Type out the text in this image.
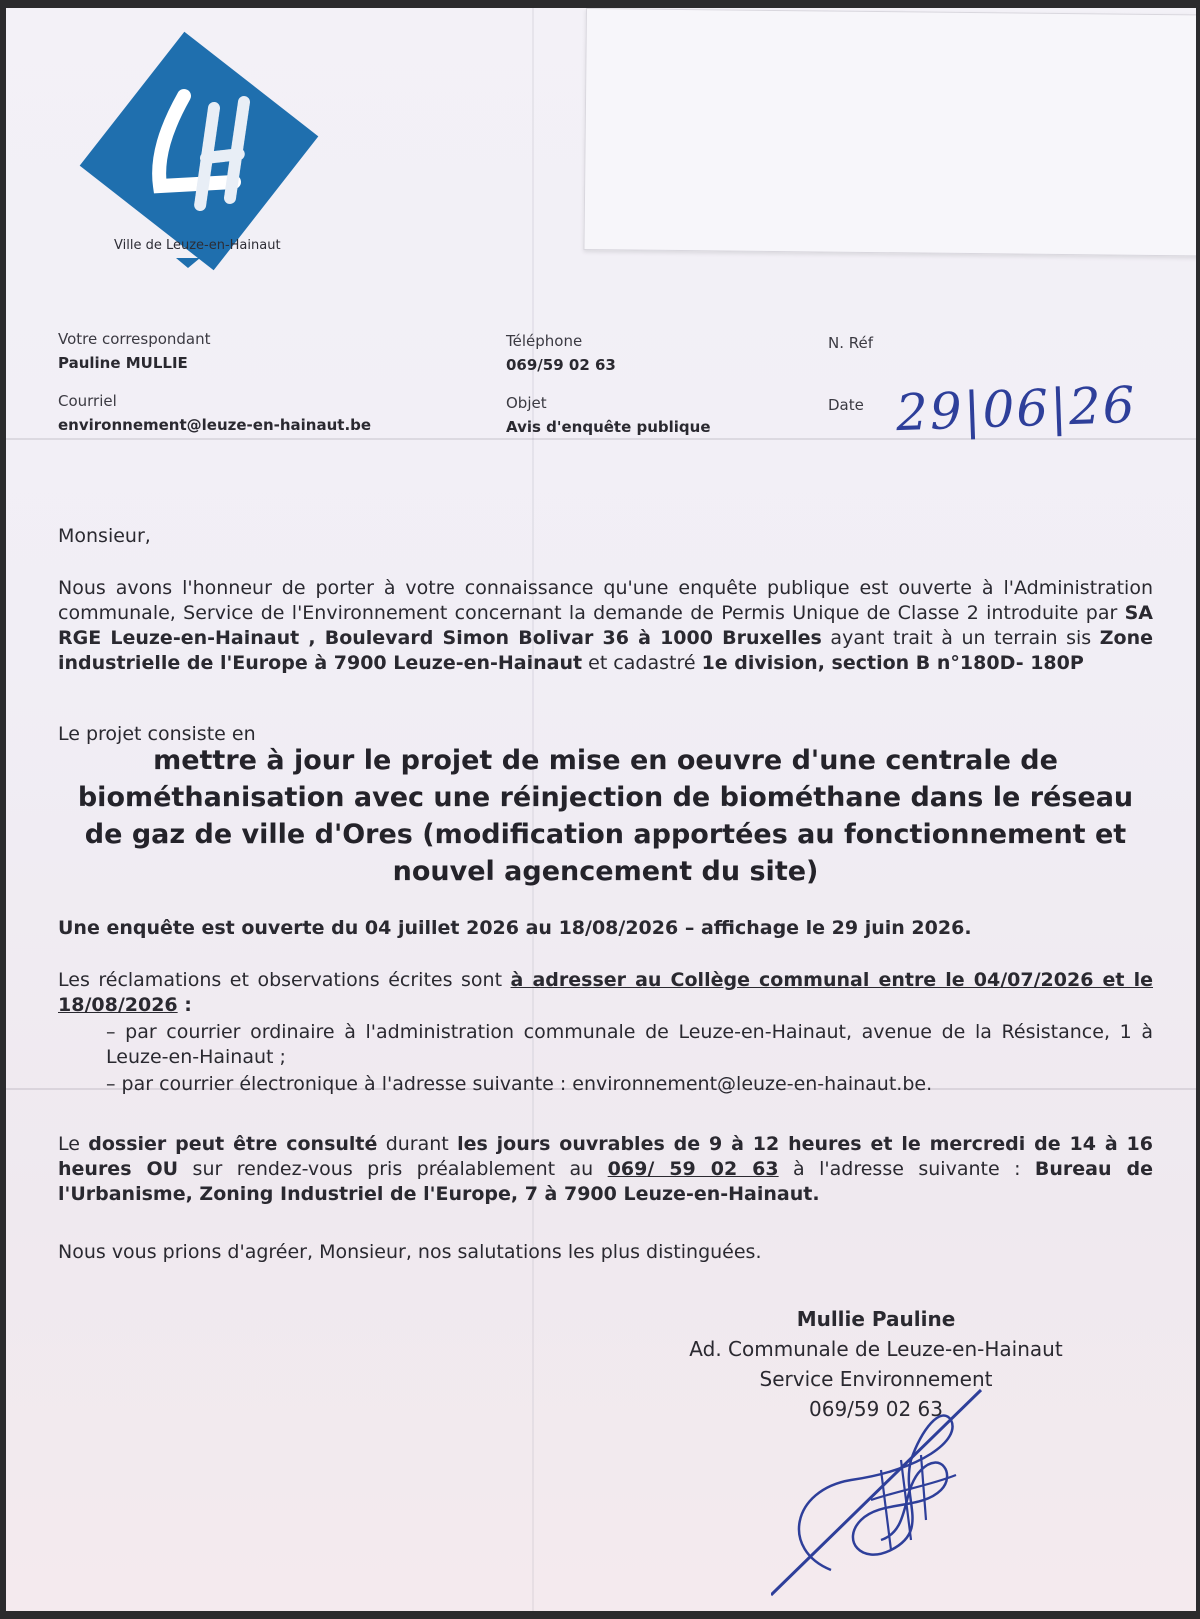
Ville de Leuze-en-Hainaut
Votre correspondant
Pauline MULLIE
Courriel
environnement@leuze-en-hainaut.be
Téléphone
069/59 02 63
Objet
Avis d'enquête publique
N. Réf
Date 29|06|26
Monsieur,
Nous avons l'honneur de porter à votre connaissance qu'une enquête publique est ouverte à l'Administration communale, Service de l'Environnement concernant la demande de Permis Unique de Classe 2 introduite par SA RGE Leuze-en-Hainaut , Boulevard Simon Bolivar 36 à 1000 Bruxelles ayant trait à un terrain sis Zone industrielle de l'Europe à 7900 Leuze-en-Hainaut et cadastré 1e division, section B n°180D- 180P
Le projet consiste en
mettre à jour le projet de mise en oeuvre d'une centrale de biométhanisation avec une réinjection de biométhane dans le réseau de gaz de ville d'Ores (modification apportées au fonctionnement et nouvel agencement du site)
Une enquête est ouverte du 04 juillet 2026 au 18/08/2026 – affichage le 29 juin 2026.
Les réclamations et observations écrites sont à adresser au Collège communal entre le 04/07/2026 et le 18/08/2026 :
– par courrier ordinaire à l'administration communale de Leuze-en-Hainaut, avenue de la Résistance, 1 à Leuze-en-Hainaut ;
– par courrier électronique à l'adresse suivante : environnement@leuze-en-hainaut.be.
Le dossier peut être consulté durant les jours ouvrables de 9 à 12 heures et le mercredi de 14 à 16 heures OU sur rendez-vous pris préalablement au 069/ 59 02 63 à l'adresse suivante : Bureau de l'Urbanisme, Zoning Industriel de l'Europe, 7 à 7900 Leuze-en-Hainaut.
Nous vous prions d'agréer, Monsieur, nos salutations les plus distinguées.
Mullie Pauline
Ad. Communale de Leuze-en-Hainaut
Service Environnement
069/59 02 63
